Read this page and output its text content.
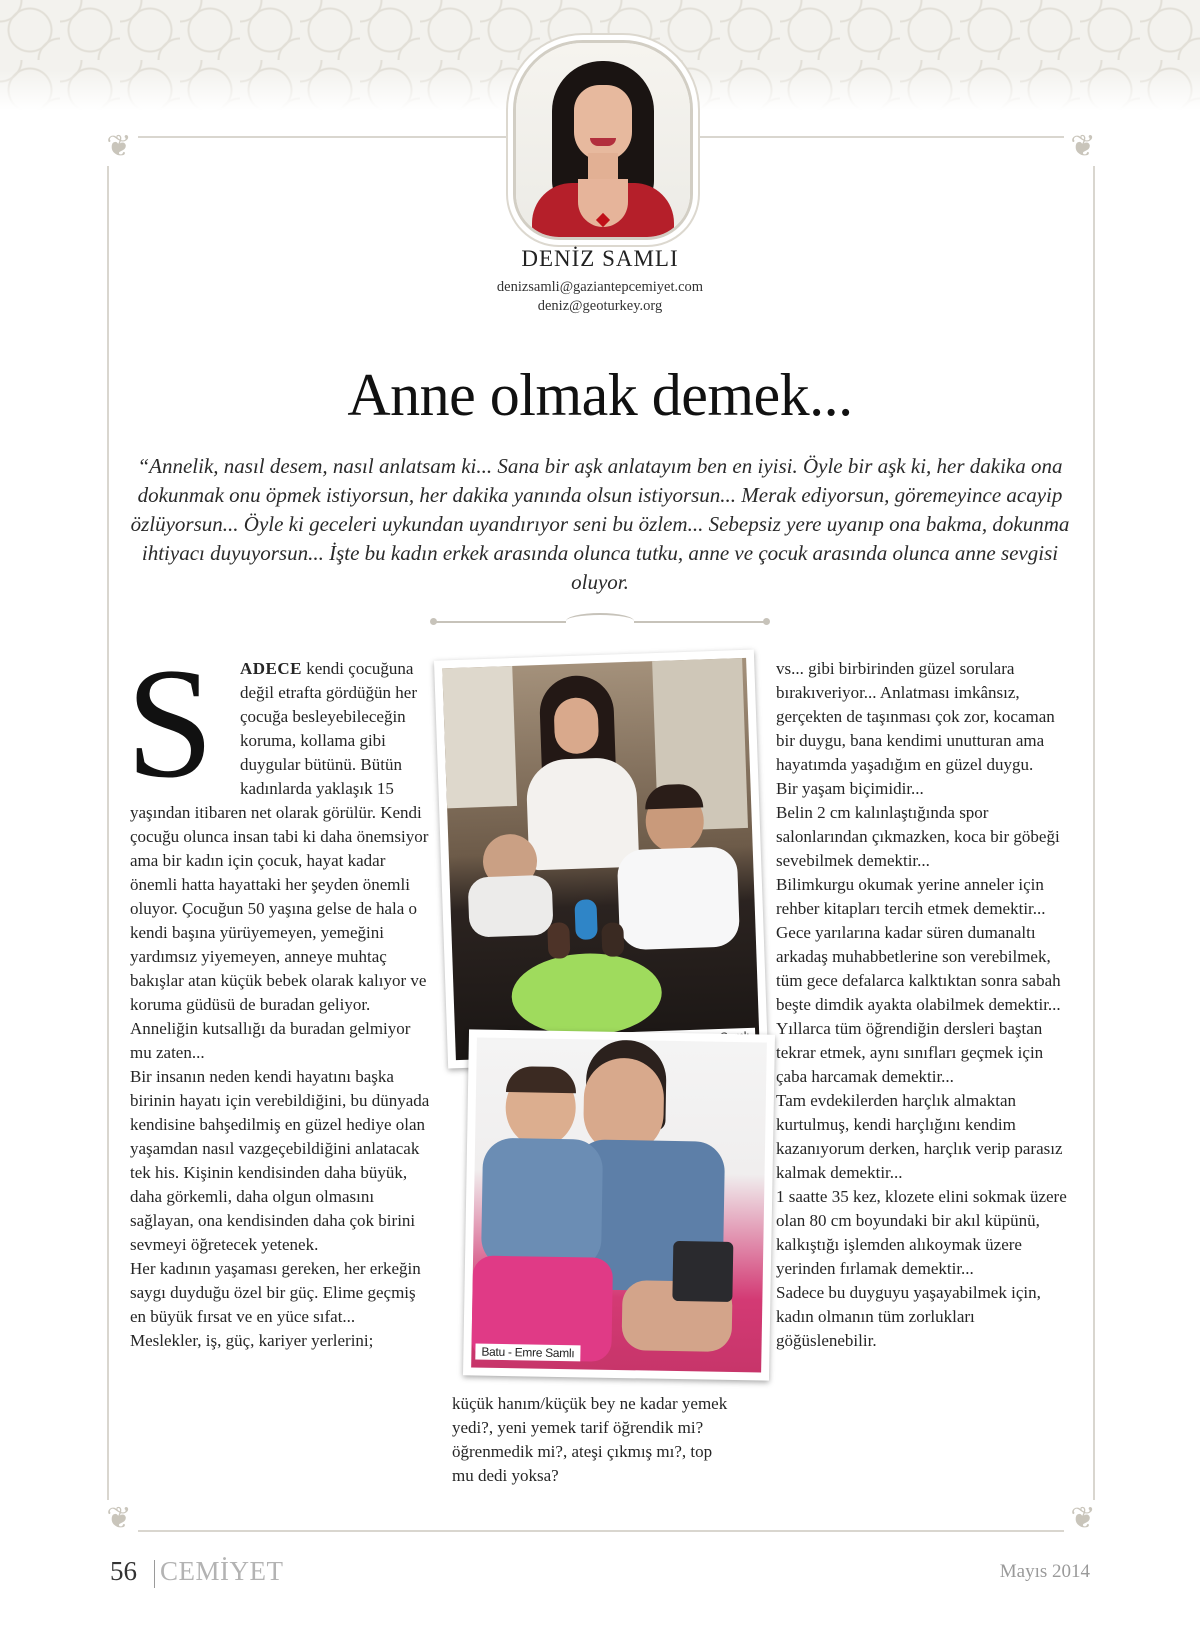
❦	❦
❦	❦
DENİZ SAMLI
denizsamli@gaziantepcemiyet.com
deniz@geoturkey.org
Anne olmak demek...

“Annelik, nasıl desem, nasıl anlatsam ki... Sana bir aşk anlatayım ben en iyisi. Öyle bir aşk ki, her dakika ona dokunmak onu öpmek istiyorsun, her dakika yanında olsun istiyorsun... Merak ediyorsun, göremeyince acayip özlüyorsun... Öyle ki geceleri uykundan uyandırıyor seni bu özlem... Sebepsiz yere uyanıp ona bakma, dokunma ihtiyacı duyuyorsun... İşte bu kadın erkek arasında olunca tutku, anne ve çocuk arasında olunca anne sevgisi oluyor.

S	ADECE kendi çocuğuna değil etrafta gördüğün her çocuğa besleyebileceğin koruma, kollama gibi duygular bütünü. Bütün kadınlarda yaklaşık 15 yaşından itibaren net olarak görülür. Kendi çocuğu olunca insan tabi ki daha önemsiyor ama bir kadın için çocuk, hayat kadar önemli hatta hayattaki her şeyden önemli oluyor. Çocuğun 50 yaşına gelse de hala o kendi başına yürüyemeyen, yemeğini yardımsız yiyemeyen, anneye muhtaç bakışlar atan küçük bebek olarak kalıyor ve koruma güdüsü de buradan geliyor. Anneliğin kutsallığı da buradan gelmiyor mu zaten...

Bir insanın neden kendi hayatını başka birinin hayatı için verebildiğini, bu dünyada kendisine bahşedilmiş en güzel hediye olan yaşamdan nasıl vazgeçebildiğini anlatacak tek his. Kişinin kendisinden daha büyük, daha görkemli, daha olgun olmasını sağlayan, ona kendisinden daha çok birini sevmeyi öğretecek yetenek.

Her kadının yaşaması gereken, her erkeğin saygı duyduğu özel bir güç. Elime geçmiş en büyük fırsat ve en yüce sıfat...

Meslekler, iş, güç, kariyer yerlerini;

Batu - Emre Samlı

küçük hanım/küçük bey ne kadar yemek yedi?, yeni yemek tarif öğrendik mi? öğrenmedik mi?, ateşi çıkmış mı?, top mu dedi yoksa?

vs... gibi birbirinden güzel sorulara bırakıveriyor... Anlatması imkânsız, gerçekten de taşınması çok zor, kocaman bir duygu, bana kendimi unutturan ama hayatımda yaşadığım en güzel duygu.

Bir yaşam biçimidir...

Belin 2 cm kalınlaştığında spor salonlarından çıkmazken, koca bir göbeği sevebilmek demektir...

Bilimkurgu okumak yerine anneler için rehber kitapları tercih etmek demektir...

Gece yarılarına kadar süren dumanaltı arkadaş muhabbetlerine son verebilmek, tüm gece defalarca kalktıktan sonra sabah beşte dimdik ayakta olabilmek demektir...

Yıllarca tüm öğrendiğin dersleri baştan tekrar etmek, aynı sınıfları geçmek için çaba harcamak demektir...

Tam evdekilerden harçlık almaktan kurtulmuş, kendi harçlığını kendim kazanıyorum derken, harçlık verip parasız kalmak demektir...

1 saatte 35 kez, klozete elini sokmak üzere olan 80 cm boyundaki bir akıl küpünü, kalkıştığı işlemden alıkoymak üzere yerinden fırlamak demektir...

Sadece bu duyguyu yaşayabilmek için, kadın olmanın tüm zorlukları göğüslenebilir.

56 CEMİYET	Mayıs 2014
